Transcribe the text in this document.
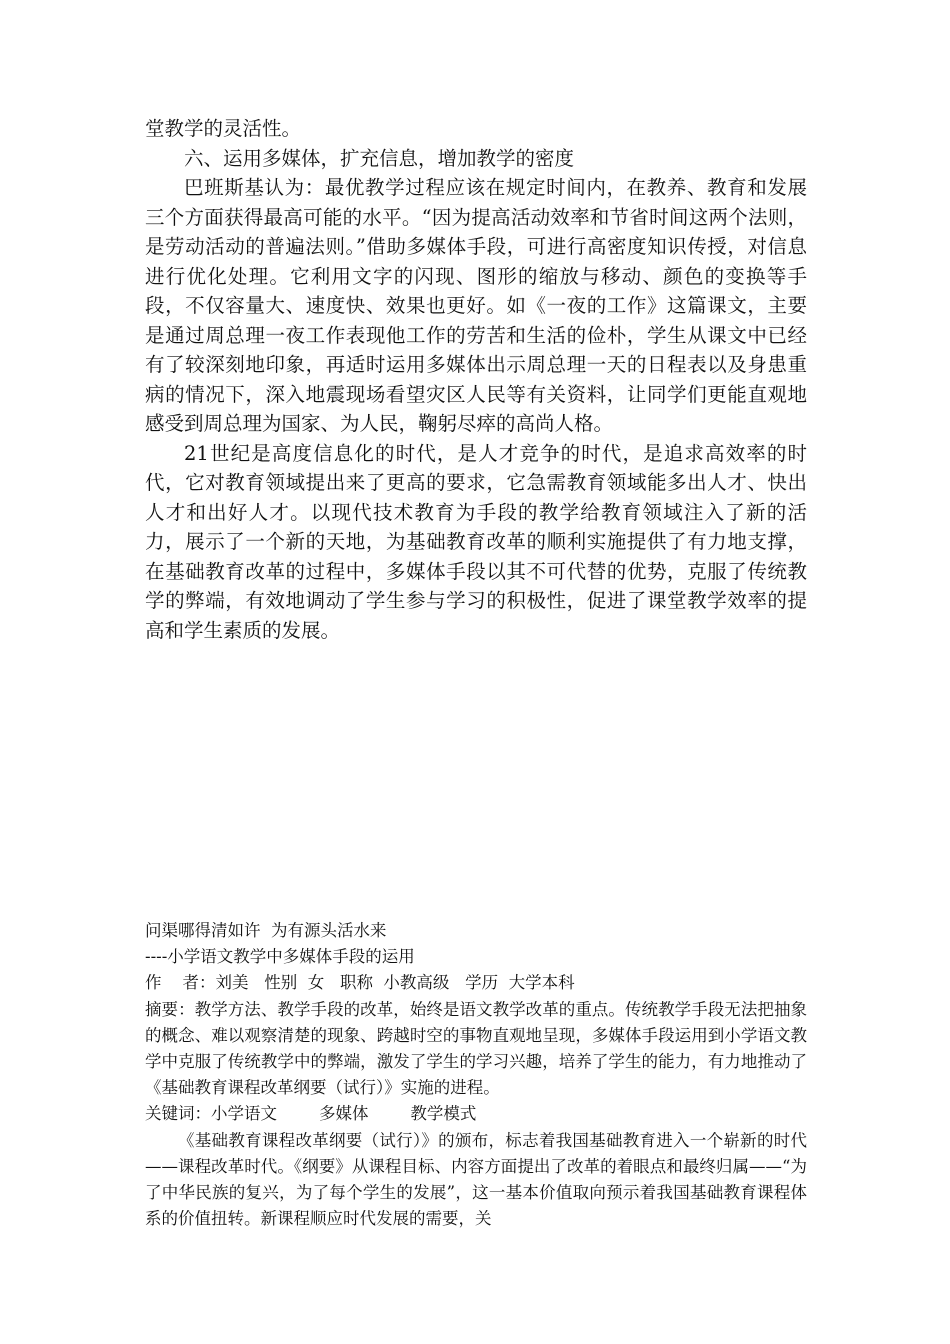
堂教学的灵活性。

六、运用多媒体，扩充信息，增加教学的密度

巴班斯基认为：最优教学过程应该在规定时间内，在教养、教育和发展三个方面获得最高可能的水平。“因为提高活动效率和节省时间这两个法则，是劳动活动的普遍法则。”借助多媒体手段，可进行高密度知识传授，对信息进行优化处理。它利用文字的闪现、图形的缩放与移动、颜色的变换等手段，不仅容量大、速度快、效果也更好。如《一夜的工作》这篇课文，主要是通过周总理一夜工作表现他工作的劳苦和生活的俭朴，学生从课文中已经有了较深刻地印象，再适时运用多媒体出示周总理一天的日程表以及身患重病的情况下，深入地震现场看望灾区人民等有关资料，让同学们更能直观地感受到周总理为国家、为人民，鞠躬尽瘁的高尚人格。

21世纪是高度信息化的时代，是人才竞争的时代，是追求高效率的时代，它对教育领域提出来了更高的要求，它急需教育领域能多出人才、快出人才和出好人才。以现代技术教育为手段的教学给教育领域注入了新的活力，展示了一个新的天地，为基础教育改革的顺利实施提供了有力地支撑，在基础教育改革的过程中，多媒体手段以其不可代替的优势，克服了传统教学的弊端，有效地调动了学生参与学习的积极性，促进了课堂教学效率的提高和学生素质的发展。

问渠哪得清如许  为有源头活水来

----小学语文教学中多媒体手段的运用

作    者：刘美   性别  女   职称  小教高级   学历  大学本科

摘要：教学方法、教学手段的改革，始终是语文教学改革的重点。传统教学手段无法把抽象的概念、难以观察清楚的现象、跨越时空的事物直观地呈现，多媒体手段运用到小学语文教学中克服了传统教学中的弊端，激发了学生的学习兴趣，培养了学生的能力，有力地推动了《基础教育课程改革纲要（试行）》实施的进程。

关键词：小学语文        多媒体        教学模式

《基础教育课程改革纲要（试行）》的颁布，标志着我国基础教育进入一个崭新的时代——课程改革时代。《纲要》从课程目标、内容方面提出了改革的着眼点和最终归属——“为了中华民族的复兴，为了每个学生的发展”，这一基本价值取向预示着我国基础教育课程体系的价值扭转。新课程顺应时代发展的需要，关
